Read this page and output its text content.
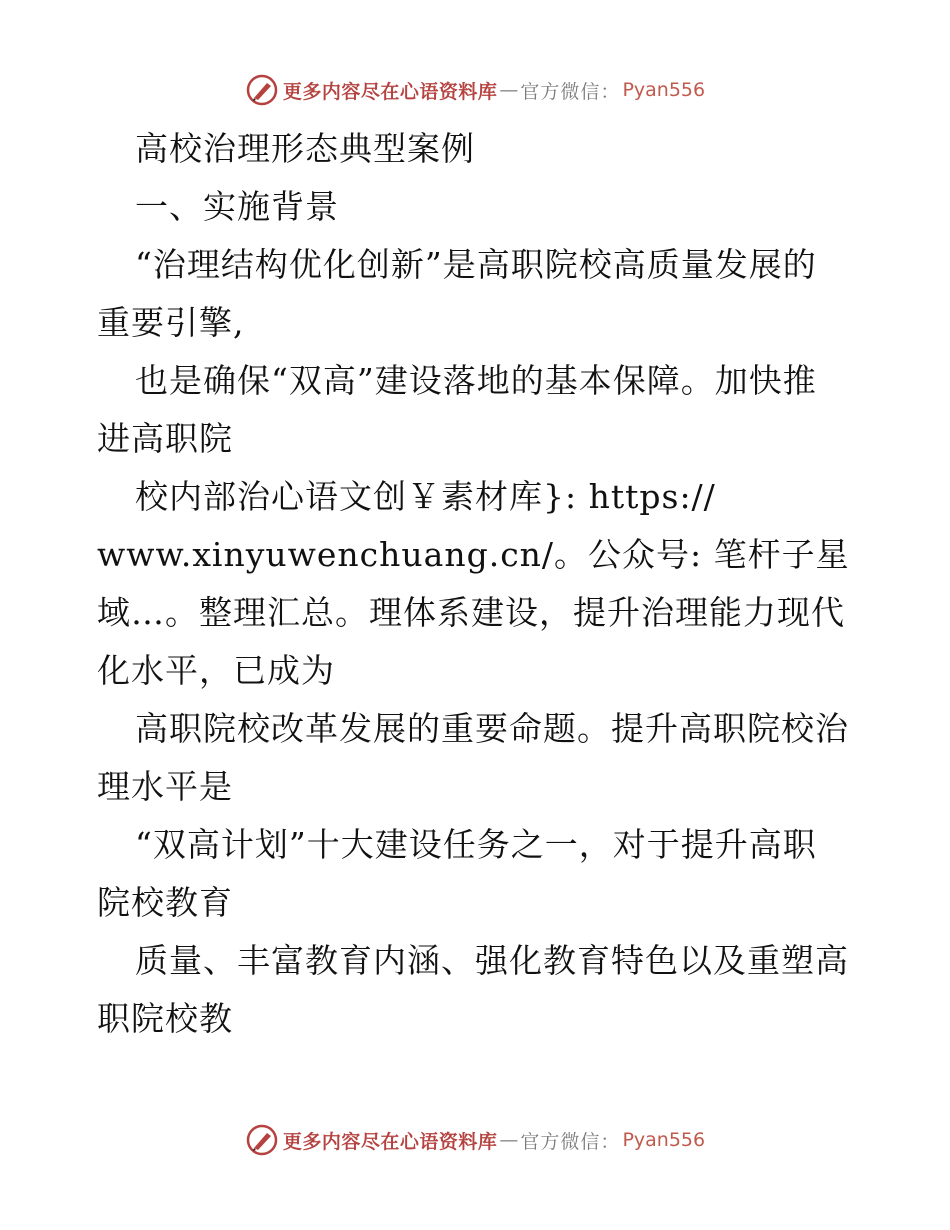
更多内容尽在心语资料库 — 官方微信： Pyan556
高校治理形态典型案例
一、实施背景
“治理结构优化创新”是高职院校高质量发展的
重要引擎,
也是确保“双高”建设落地的基本保障。加快推
进高职院
校内部治心语文创￥素材库}: https://
www.xinyuwenchuang.cn/。公众号: 笔杆子星
域…。整理汇总。理体系建设，提升治理能力现代
化水平，已成为
高职院校改革发展的重要命题。提升高职院校治
理水平是
“双高计划”十大建设任务之一，对于提升高职
院校教育
质量、丰富教育内涵、强化教育特色以及重塑高
职院校教
更多内容尽在心语资料库 — 官方微信： Pyan556
